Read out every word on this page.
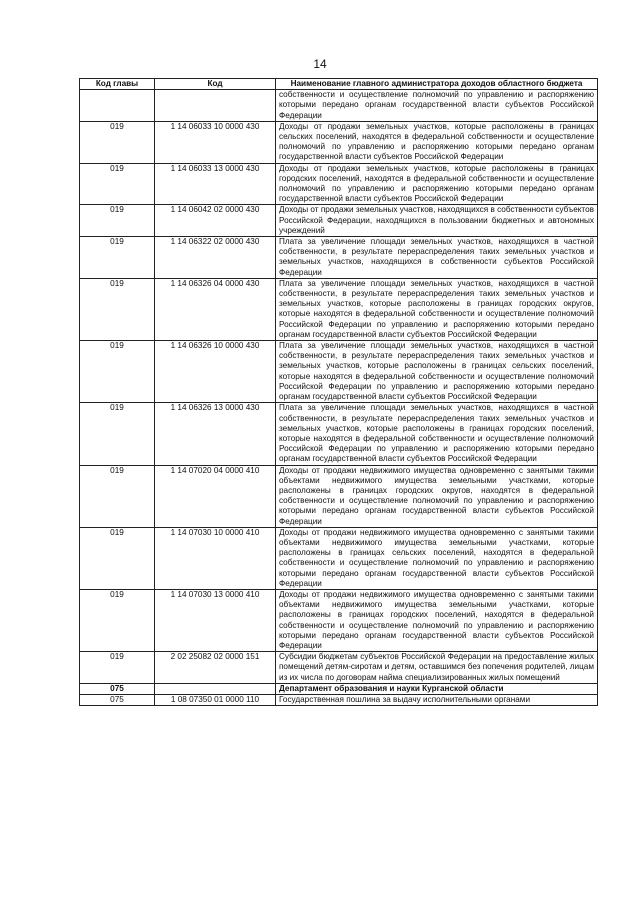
14
Код главы	Код	Наименование главного администратора доходов областного бюджета
		собственности и осуществление полномочий по управлению и распоряжению которыми передано органам государственной власти субъектов Российской Федерации
019	1 14 06033 10 0000 430	Доходы от продажи земельных участков, которые расположены в границах сельских поселений, находятся в федеральной собственности и осуществление полномочий по управлению и распоряжению которыми передано органам государственной власти субъектов Российской Федерации
019	1 14 06033 13 0000 430	Доходы от продажи земельных участков, которые расположены в границах городских поселений, находятся в федеральной собственности и осуществление полномочий по управлению и распоряжению которыми передано органам государственной власти субъектов Российской Федерации
019	1 14 06042 02 0000 430	Доходы от продажи земельных участков, находящихся в собственности субъектов Российской Федерации, находящихся в пользовании бюджетных и автономных учреждений
019	1 14 06322 02 0000 430	Плата за увеличение площади земельных участков, находящихся в частной собственности, в результате перераспределения таких земельных участков и земельных участков, находящихся в собственности субъектов Российской Федерации
019	1 14 06326 04 0000 430	Плата за увеличение площади земельных участков, находящихся в частной собственности, в результате перераспределения таких земельных участков и земельных участков, которые расположены в границах городских округов, которые находятся в федеральной собственности и осуществление полномочий Российской Федерации по управлению и распоряжению которыми передано органам государственной власти субъектов Российской Федерации
019	1 14 06326 10 0000 430	Плата за увеличение площади земельных участков, находящихся в частной собственности, в результате перераспределения таких земельных участков и земельных участков, которые расположены в границах сельских поселений, которые находятся в федеральной собственности и осуществление полномочий Российской Федерации по управлению и распоряжению которыми передано органам государственной власти субъектов Российской Федерации
019	1 14 06326 13 0000 430	Плата за увеличение площади земельных участков, находящихся в частной собственности, в результате перераспределения таких земельных участков и земельных участков, которые расположены в границах городских поселений, которые находятся в федеральной собственности и осуществление полномочий Российской Федерации по управлению и распоряжению которыми передано органам государственной власти субъектов Российской Федерации
019	1 14 07020 04 0000 410	Доходы от продажи недвижимого имущества одновременно с занятыми такими объектами недвижимого имущества земельными участками, которые расположены в границах городских округов, находятся в федеральной собственности и осуществление полномочий по управлению и распоряжению которыми передано органам государственной власти субъектов Российской Федерации
019	1 14 07030 10 0000 410	Доходы от продажи недвижимого имущества одновременно с занятыми такими объектами недвижимого имущества земельными участками, которые расположены в границах сельских поселений, находятся в федеральной собственности и осуществление полномочий по управлению и распоряжению которыми передано органам государственной власти субъектов Российской Федерации
019	1 14 07030 13 0000 410	Доходы от продажи недвижимого имущества одновременно с занятыми такими объектами недвижимого имущества земельными участками, которые расположены в границах городских поселений, находятся в федеральной собственности и осуществление полномочий по управлению и распоряжению которыми передано органам государственной власти субъектов Российской Федерации
019	2 02 25082 02 0000 151	Субсидии бюджетам субъектов Российской Федерации на предоставление жилых помещений детям-сиротам и детям, оставшимся без попечения родителей, лицам из их числа по договорам найма специализированных жилых помещений
075		Департамент образования и науки Курганской области
075	1 08 07350 01 0000 110	Государственная пошлина за выдачу исполнительными органами
